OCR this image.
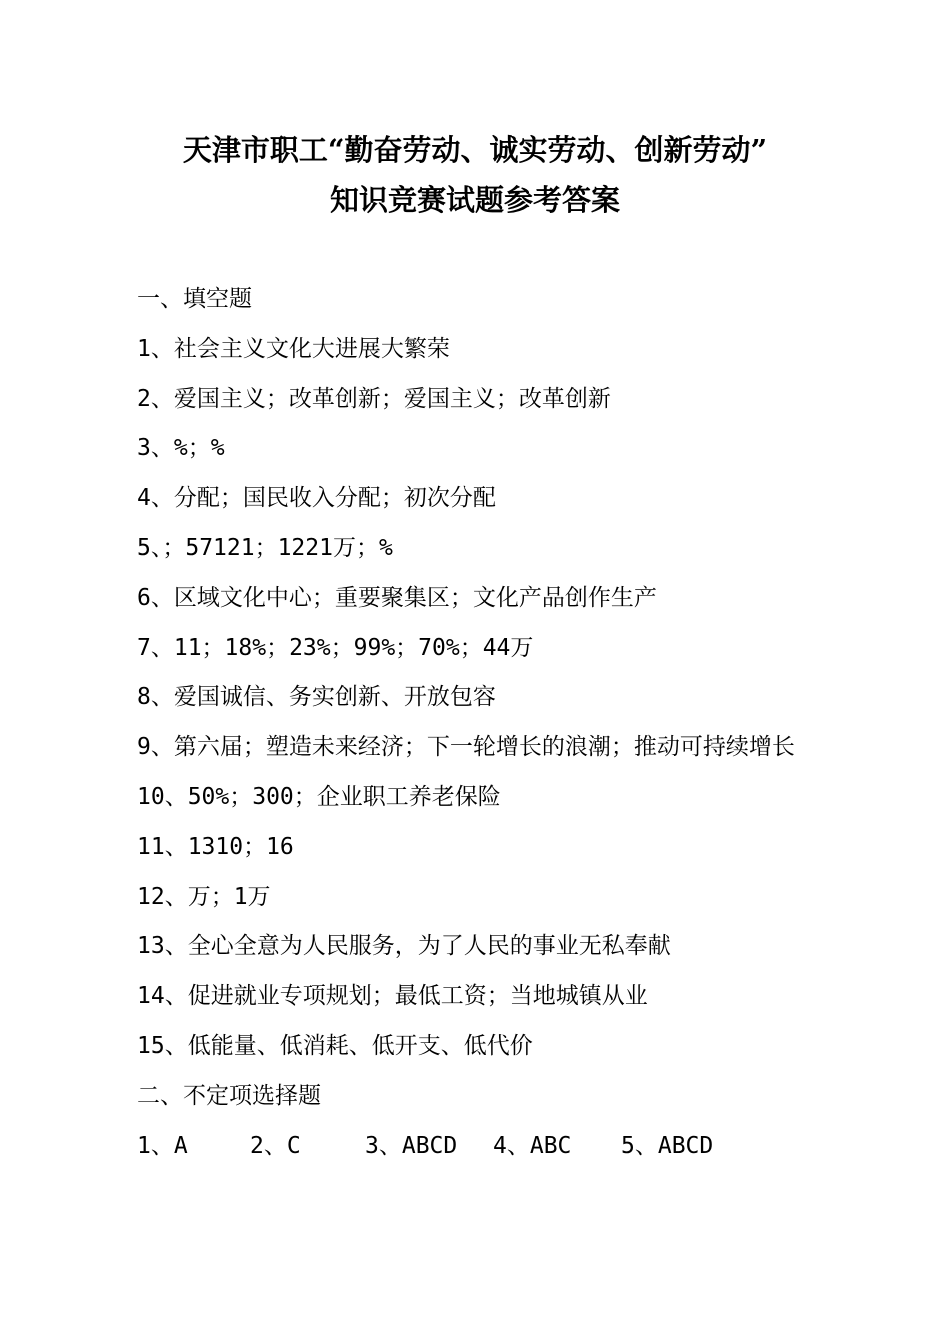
天津市职工“勤奋劳动、诚实劳动、创新劳动”
知识竞赛试题参考答案
一、填空题
1、社会主义文化大进展大繁荣
2、爱国主义；改革创新；爱国主义；改革创新
3、%；%
4、分配；国民收入分配；初次分配
5、；57121；1221万；%
6、区域文化中心；重要聚集区；文化产品创作生产
7、11；18%；23%；99%；70%；44万
8、爱国诚信、务实创新、开放包容
9、第六届；塑造未来经济；下一轮增长的浪潮；推动可持续增长
10、50%；300；企业职工养老保险
11、1310；16
12、万；1万
13、全心全意为人民服务，为了人民的事业无私奉献
14、促进就业专项规划；最低工资；当地城镇从业
15、低能量、低消耗、低开支、低代价
二、不定项选择题
1、A	2、C	3、ABCD	4、ABC	5、ABCD
